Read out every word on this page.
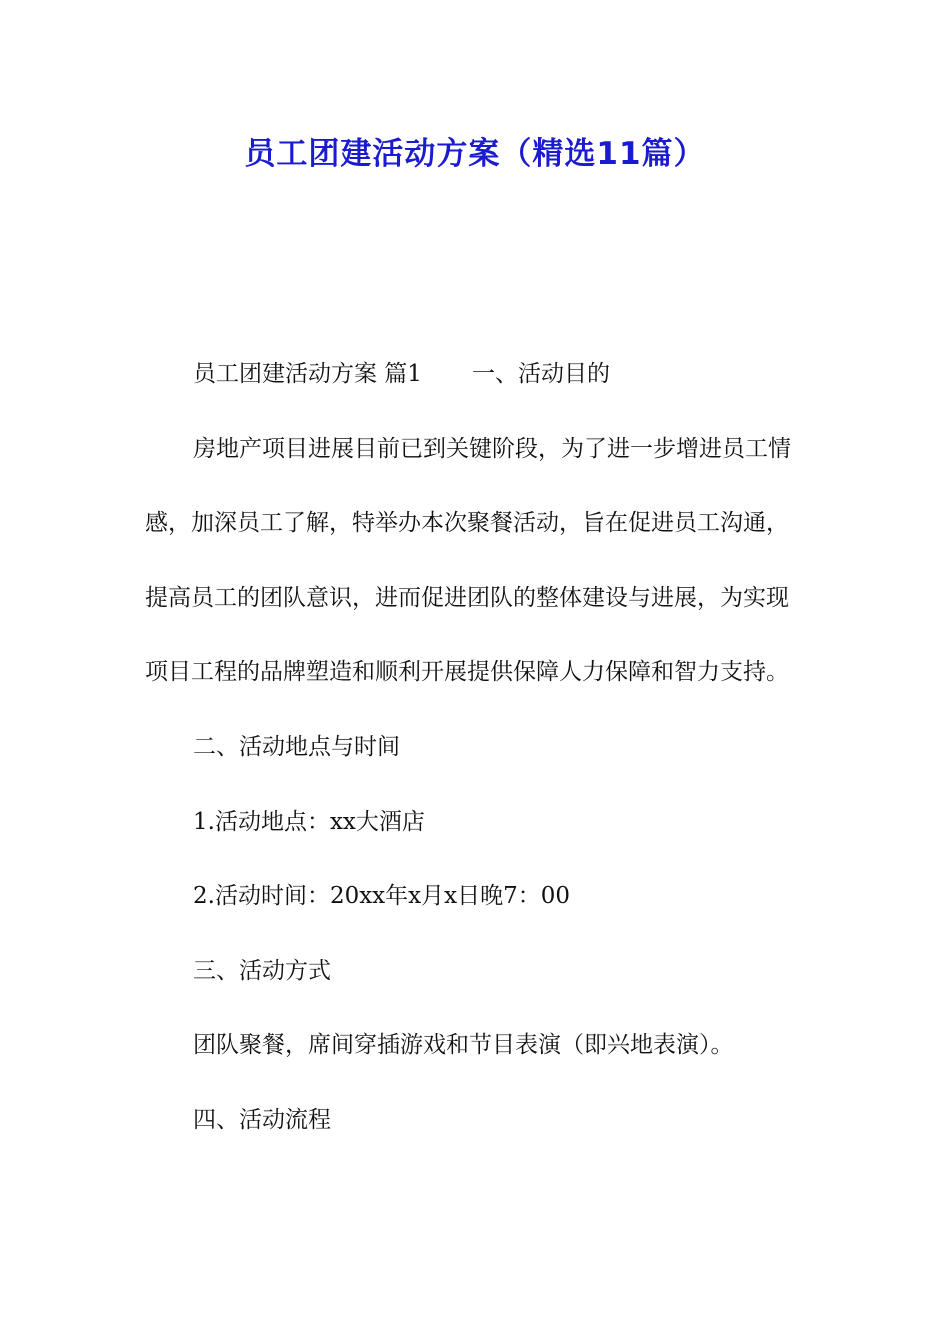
员工团建活动方案（精选11篇）

员工团建活动方案 篇1 一、活动目的

房地产项目进展目前已到关键阶段，为了进一步增进员工情感，加深员工了解，特举办本次聚餐活动，旨在促进员工沟通，提高员工的团队意识，进而促进团队的整体建设与进展，为实现项目工程的品牌塑造和顺利开展提供保障人力保障和智力支持。

二、活动地点与时间

1.活动地点：xx大酒店

2.活动时间：20xx年x月x日晚7：00

三、活动方式

团队聚餐，席间穿插游戏和节目表演（即兴地表演）。

四、活动流程
